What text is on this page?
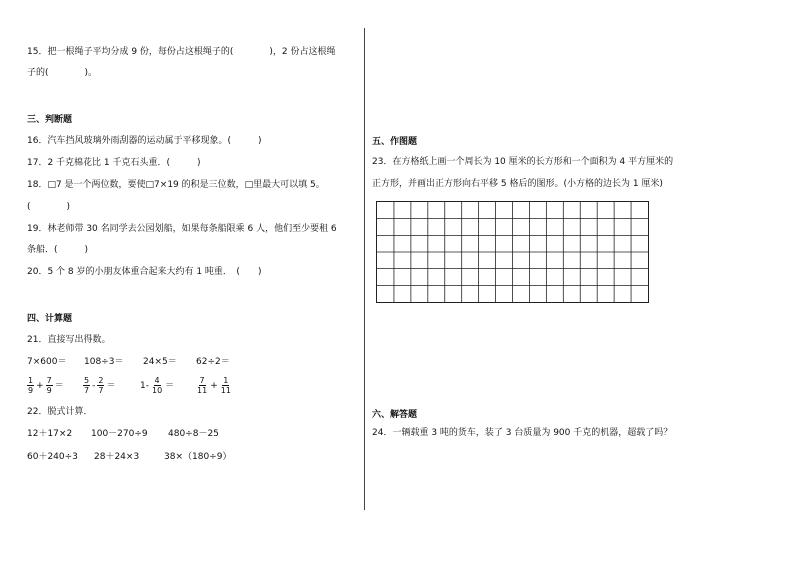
15．把一根绳子平均分成 9 份，每份占这根绳子的(　　　　)，2 份占这根绳
子的(　　　　)。
三、判断题
16．汽车挡风玻璃外雨刮器的运动属于平移现象。(　　　)
17．2 千克棉花比 1 千克石头重．(　　　)
18．□7 是一个两位数，要使□7×19 的积是三位数，□里最大可以填 5。
(　　　　)
19．林老师带 30 名同学去公园划船，如果每条船限乘 6 人，他们至少要租 6
条船．(　　　)
20．5 个 8 岁的小朋友体重合起来大约有 1 吨重．　(　　)
四、计算题
21．直接写出得数。
7×600＝ 108÷3＝ 24×5＝ 62÷2＝
$\frac{1}{9} + \frac{7}{9} = \frac{5}{7} - \frac{2}{7}$ ＝	$1- \frac{4}{10}$ ＝	$\frac{7}{11} + \frac{1}{11}$
22．脱式计算．
12＋17×2 100－270÷9 480÷8－25
60＋240÷3 28＋24×3	38×（180÷9）
五、作图题
23．在方格纸上画一个周长为 10 厘米的长方形和一个面积为 4 平方厘米的
正方形，并画出正方形向右平移 5 格后的图形。(小方格的边长为 1 厘米)
六、解答题
24．一辆载重 3 吨的货车，装了 3 台质量为 900 千克的机器，超载了吗？
